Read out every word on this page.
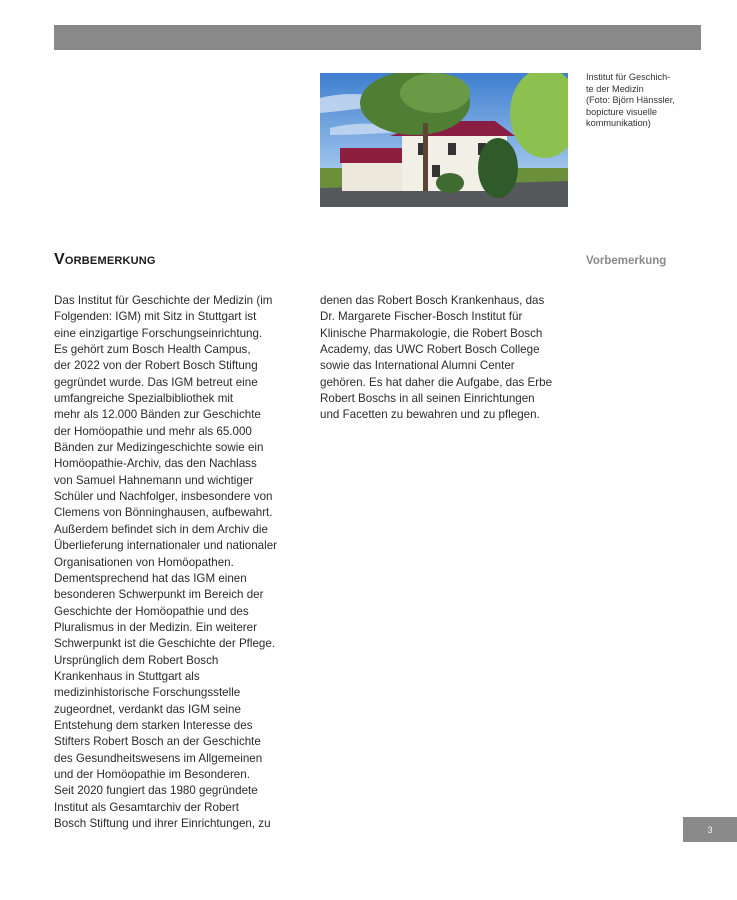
Institut für Geschich-
te der Medizin
(Foto: Björn Hänssler,
bopicture visuelle
kommunikation)
Vorbemerkung	Vorbemerkung
Das Institut für Geschichte der Medizin (im
Folgenden: IGM) mit Sitz in Stuttgart ist
eine einzigartige Forschungseinrichtung.
Es gehört zum Bosch Health Campus,
der 2022 von der Robert Bosch Stiftung
gegründet wurde. Das IGM betreut eine
umfangreiche Spezialbibliothek mit
mehr als 12.000 Bänden zur Geschichte
der Homöopathie und mehr als 65.000
Bänden zur Medizingeschichte sowie ein
Homöopathie-Archiv, das den Nachlass
von Samuel Hahnemann und wichtiger
Schüler und Nachfolger, insbesondere von
Clemens von Bönninghausen, aufbewahrt.
Außerdem befindet sich in dem Archiv die
Überlieferung internationaler und nationaler
Organisationen von Homöopathen.
Dementsprechend hat das IGM einen
besonderen Schwerpunkt im Bereich der
Geschichte der Homöopathie und des
Pluralismus in der Medizin. Ein weiterer
Schwerpunkt ist die Geschichte der Pflege.
Ursprünglich dem Robert Bosch
Krankenhaus in Stuttgart als
medizinhistorische Forschungsstelle
zugeordnet, verdankt das IGM seine
Entstehung dem starken Interesse des
Stifters Robert Bosch an der Geschichte
des Gesundheitswesens im Allgemeinen
und der Homöopathie im Besonderen.
Seit 2020 fungiert das 1980 gegründete
Institut als Gesamtarchiv der Robert
Bosch Stiftung und ihrer Einrichtungen, zu
denen das Robert Bosch Krankenhaus, das
Dr. Margarete Fischer-Bosch Institut für
Klinische Pharmakologie, die Robert Bosch
Academy, das UWC Robert Bosch College
sowie das International Alumni Center
gehören. Es hat daher die Aufgabe, das Erbe
Robert Boschs in all seinen Einrichtungen
und Facetten zu bewahren und zu pflegen.
3
